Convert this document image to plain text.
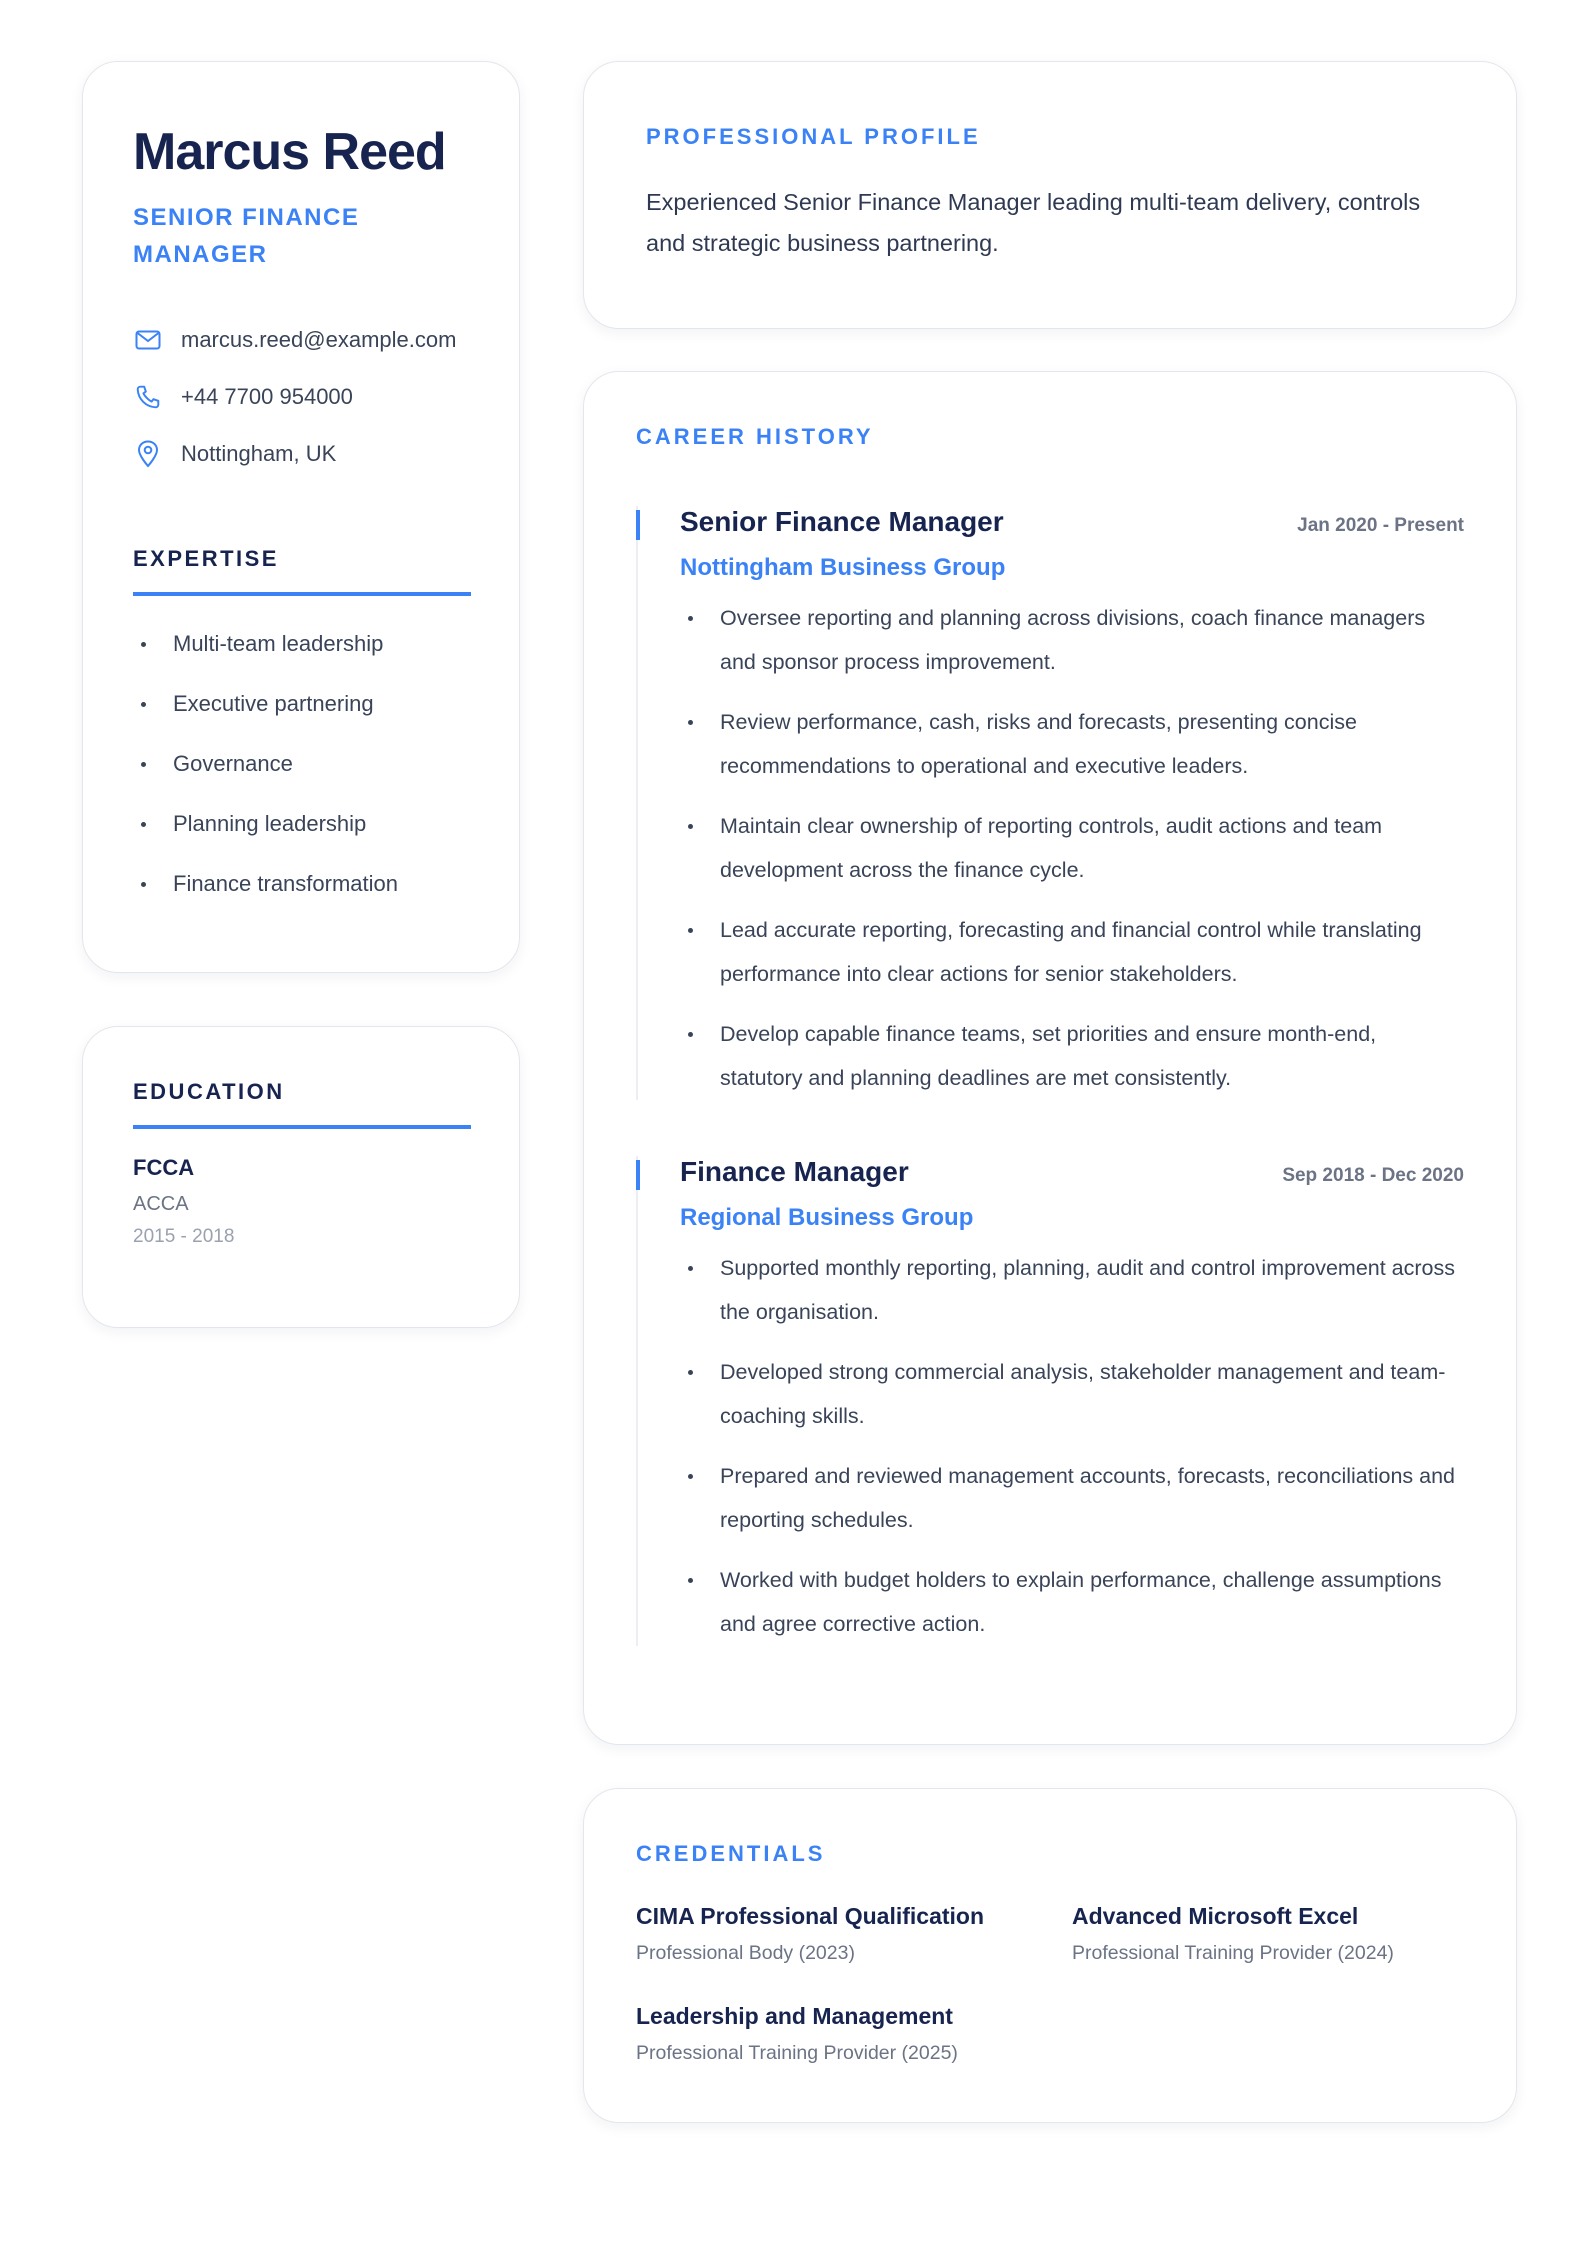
Marcus Reed
SENIOR FINANCE MANAGER
marcus.reed@example.com
+44 7700 954000
Nottingham, UK
EXPERTISE
Multi-team leadership
Executive partnering
Governance
Planning leadership
Finance transformation
EDUCATION
FCCA
ACCA
2015 - 2018
PROFESSIONAL PROFILE
Experienced Senior Finance Manager leading multi-team delivery, controls and strategic business partnering.
CAREER HISTORY
Senior Finance Manager	Jan 2020 - Present
Nottingham Business Group
Oversee reporting and planning across divisions, coach finance managers and sponsor process improvement.
Review performance, cash, risks and forecasts, presenting concise recommendations to operational and executive leaders.
Maintain clear ownership of reporting controls, audit actions and team development across the finance cycle.
Lead accurate reporting, forecasting and financial control while translating performance into clear actions for senior stakeholders.
Develop capable finance teams, set priorities and ensure month-end, statutory and planning deadlines are met consistently.
Finance Manager	Sep 2018 - Dec 2020
Regional Business Group
Supported monthly reporting, planning, audit and control improvement across the organisation.
Developed strong commercial analysis, stakeholder management and team-coaching skills.
Prepared and reviewed management accounts, forecasts, reconciliations and reporting schedules.
Worked with budget holders to explain performance, challenge assumptions and agree corrective action.
CREDENTIALS
CIMA Professional Qualification
Professional Body (2023)
Advanced Microsoft Excel
Professional Training Provider (2024)
Leadership and Management
Professional Training Provider (2025)
